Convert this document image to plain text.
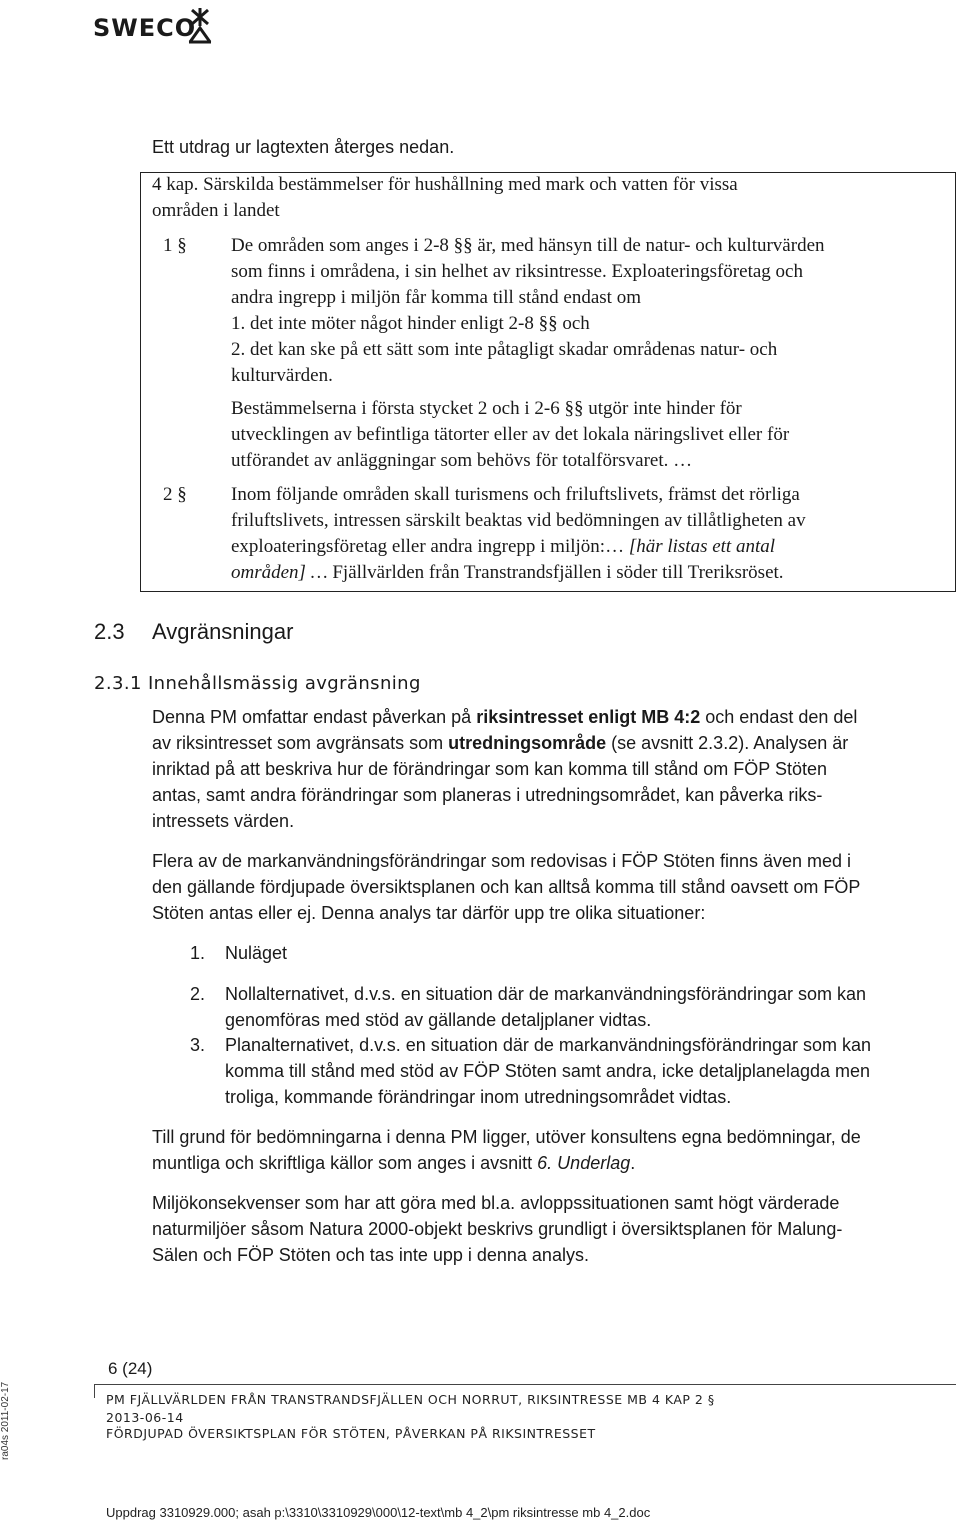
SWECO
Ett utdrag ur lagtexten återges nedan.
4 kap. Särskilda bestämmelser för hushållning med mark och vatten för vissa
områden i landet
1 § De områden som anges i 2-8 §§ är, med hänsyn till de natur- och kulturvärden
som finns i områdena, i sin helhet av riksintresse. Exploateringsföretag och
andra ingrepp i miljön får komma till stånd endast om
1. det inte möter något hinder enligt 2-8 §§ och
2. det kan ske på ett sätt som inte påtagligt skadar områdenas natur- och
kulturvärden.
Bestämmelserna i första stycket 2 och i 2-6 §§ utgör inte hinder för
utvecklingen av befintliga tätorter eller av det lokala näringslivet eller för
utförandet av anläggningar som behövs för totalförsvaret. …
2 § Inom följande områden skall turismens och friluftslivets, främst det rörliga
friluftslivets, intressen särskilt beaktas vid bedömningen av tillåtligheten av
exploateringsföretag eller andra ingrepp i miljön:… [här listas ett antal
områden] … Fjällvärlden från Transtrandsfjällen i söder till Treriksröset.
2.3 Avgränsningar
2.3.1 Innehållsmässig avgränsning
Denna PM omfattar endast påverkan på riksintresset enligt MB 4:2 och endast den del
av riksintresset som avgränsats som utredningsområde (se avsnitt 2.3.2). Analysen är
inriktad på att beskriva hur de förändringar som kan komma till stånd om FÖP Stöten
antas, samt andra förändringar som planeras i utredningsområdet, kan påverka riks-
intressets värden.
Flera av de markanvändningsförändringar som redovisas i FÖP Stöten finns även med i
den gällande fördjupade översiktsplanen och kan alltså komma till stånd oavsett om FÖP
Stöten antas eller ej. Denna analys tar därför upp tre olika situationer:
1. Nuläget
2. Nollalternativet, d.v.s. en situation där de markanvändningsförändringar som kan
genomföras med stöd av gällande detaljplaner vidtas.
3. Planalternativet, d.v.s. en situation där de markanvändningsförändringar som kan
komma till stånd med stöd av FÖP Stöten samt andra, icke detaljplanelagda men
troliga, kommande förändringar inom utredningsområdet vidtas.
Till grund för bedömningarna i denna PM ligger, utöver konsultens egna bedömningar, de
muntliga och skriftliga källor som anges i avsnitt 6. Underlag.
Miljökonsekvenser som har att göra med bl.a. avloppssituationen samt högt värderade
naturmiljöer såsom Natura 2000-objekt beskrivs grundligt i översiktsplanen för Malung-
Sälen och FÖP Stöten och tas inte upp i denna analys.
6 (24)
PM FJÄLLVÄRLDEN FRÅN TRANSTRANDSFJÄLLEN OCH NORRUT, RIKSINTRESSE MB 4 KAP 2 §
2013-06-14
FÖRDJUPAD ÖVERSIKTSPLAN FÖR STÖTEN, PÅVERKAN PÅ RIKSINTRESSET
ra04s 2011-02-17
Uppdrag 3310929.000; asah p:\3310\3310929\000\12-text\mb 4_2\pm riksintresse mb 4_2.doc
